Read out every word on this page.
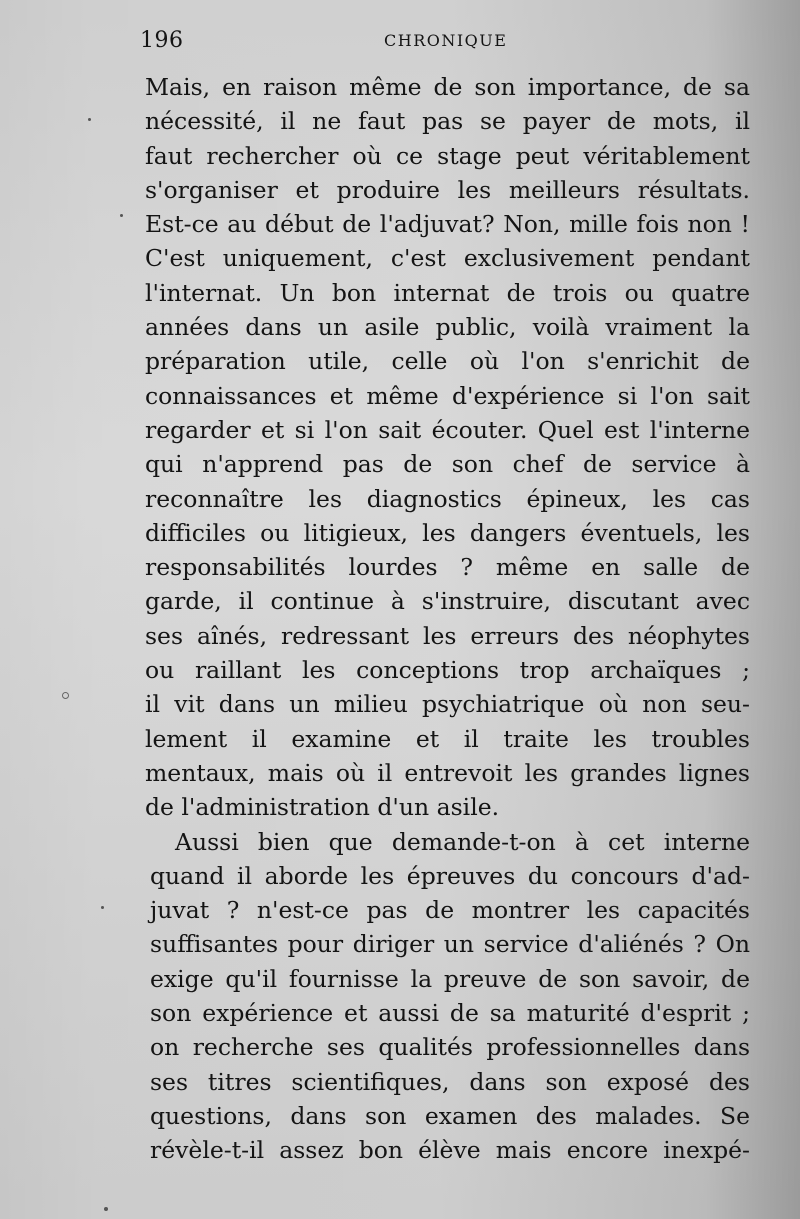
196	CHRONIQUE
Mais, en raison même de son importance, de sa
nécessité, il ne faut pas se payer de mots, il
faut rechercher où ce stage peut véritablement
s'organiser et produire les meilleurs résultats.
Est-ce au début de l'adjuvat? Non, mille fois non !
C'est uniquement, c'est exclusivement pendant
l'internat. Un bon internat de trois ou quatre
années dans un asile public, voilà vraiment la
préparation utile, celle où l'on s'enrichit de
connaissances et même d'expérience si l'on sait
regarder et si l'on sait écouter. Quel est l'interne
qui n'apprend pas de son chef de service à
reconnaître les diagnostics épineux, les cas
difficiles ou litigieux, les dangers éventuels, les
responsabilités lourdes ? même en salle de
garde, il continue à s'instruire, discutant avec
ses aînés, redressant les erreurs des néophytes
ou raillant les conceptions trop archaïques ;
il vit dans un milieu psychiatrique où non seu-
lement il examine et il traite les troubles
mentaux, mais où il entrevoit les grandes lignes
de l'administration d'un asile.
Aussi bien que demande-t-on à cet interne
quand il aborde les épreuves du concours d'ad-
juvat ? n'est-ce pas de montrer les capacités
suffisantes pour diriger un service d'aliénés ? On
exige qu'il fournisse la preuve de son savoir, de
son expérience et aussi de sa maturité d'esprit ;
on recherche ses qualités professionnelles dans
ses titres scientifiques, dans son exposé des
questions, dans son examen des malades. Se
révèle-t-il assez bon élève mais encore inexpé-
